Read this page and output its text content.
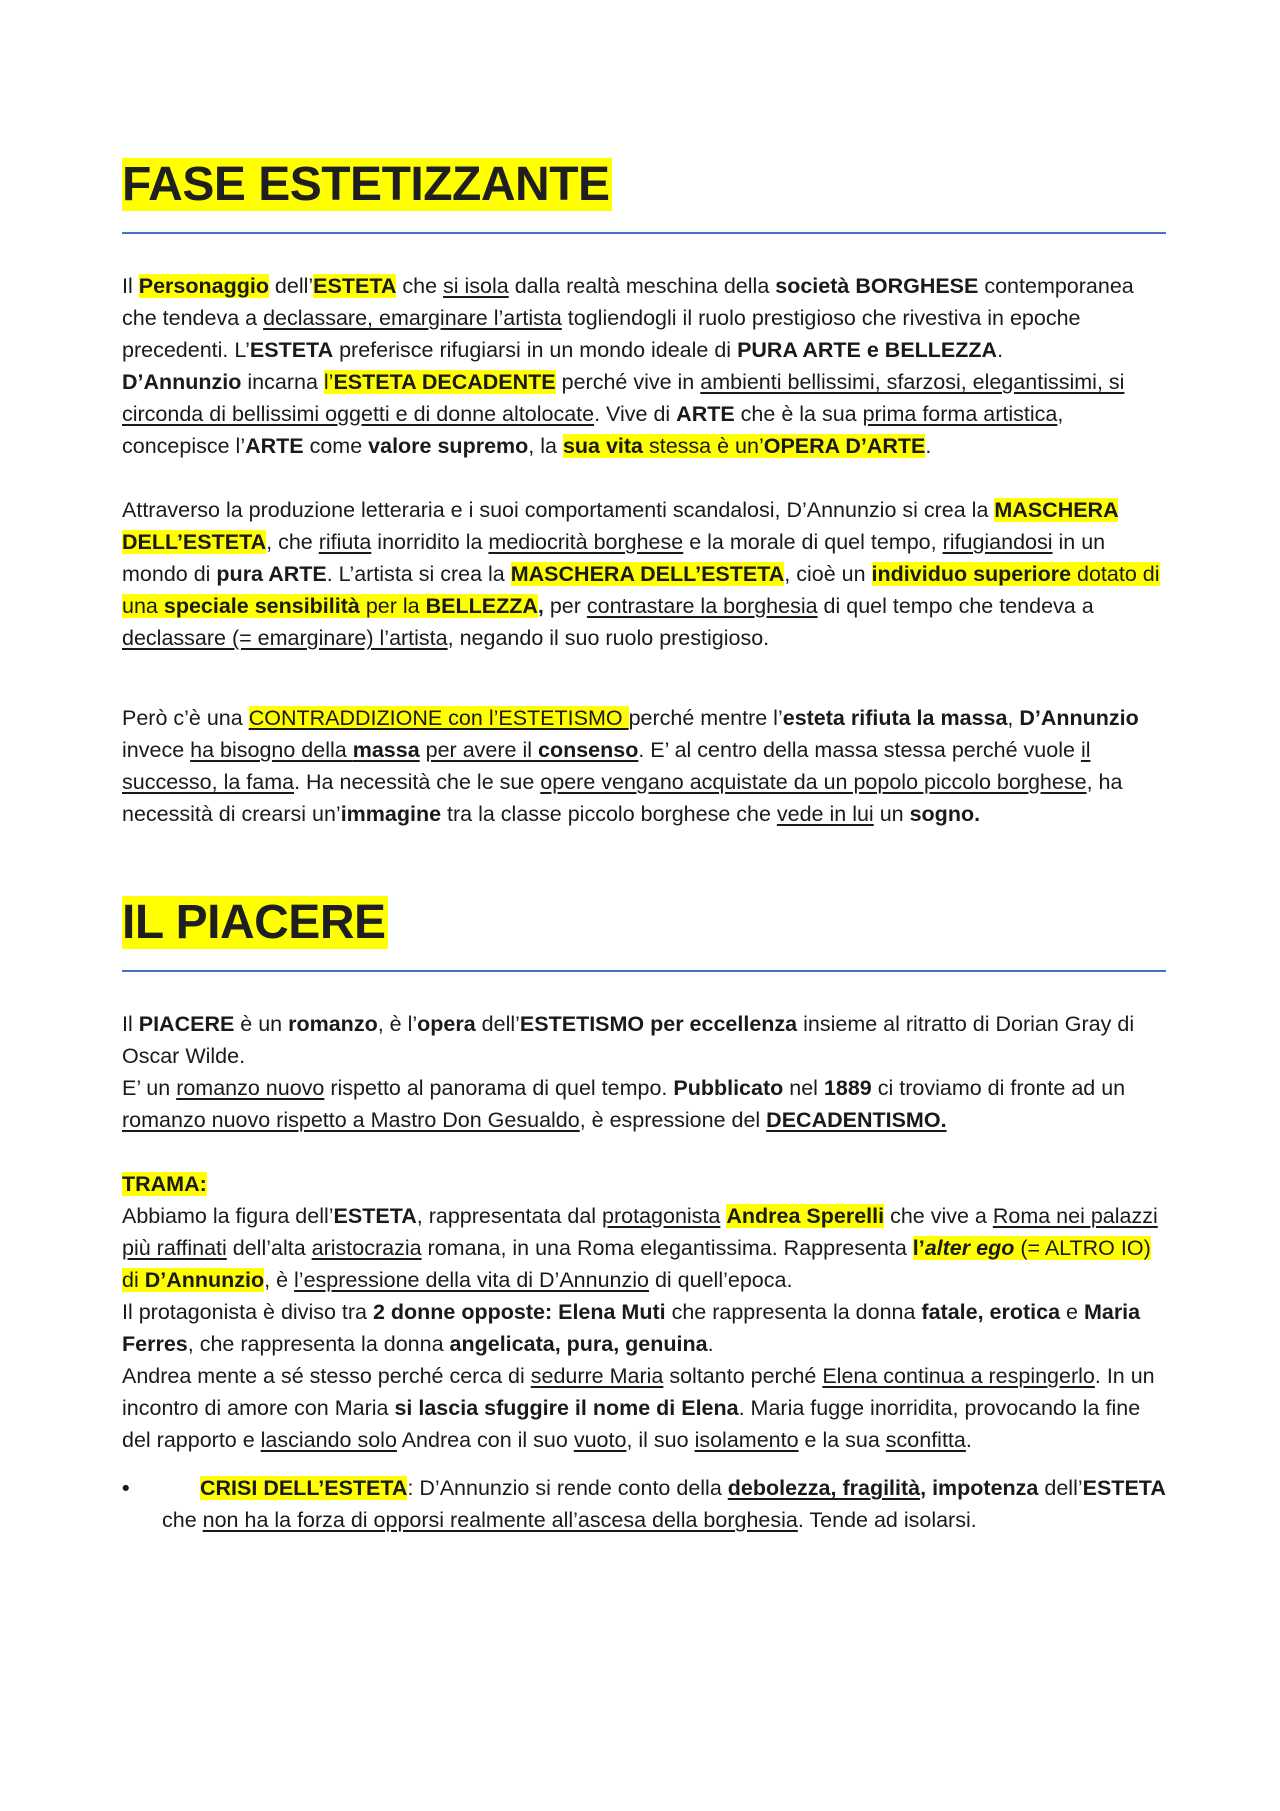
FASE ESTETIZZANTE

Il Personaggio dell’ESTETA che si isola dalla realtà meschina della società BORGHESE contemporanea che tendeva a declassare, emarginare l’artista togliendogli il ruolo prestigioso che rivestiva in epoche precedenti. L’ESTETA preferisce rifugiarsi in un mondo ideale di PURA ARTE e BELLEZZA.

D’Annunzio incarna l’ESTETA DECADENTE perché vive in ambienti bellissimi, sfarzosi, elegantissimi, si circonda di bellissimi oggetti e di donne altolocate. Vive di ARTE che è la sua prima forma artistica, concepisce l’ARTE come valore supremo, la sua vita stessa è un’OPERA D’ARTE.

Attraverso la produzione letteraria e i suoi comportamenti scandalosi, D’Annunzio si crea la MASCHERA DELL’ESTETA, che rifiuta inorridito la mediocrità borghese e la morale di quel tempo, rifugiandosi in un mondo di pura ARTE. L’artista si crea la MASCHERA DELL’ESTETA, cioè un individuo superiore dotato di una speciale sensibilità per la BELLEZZA, per contrastare la borghesia di quel tempo che tendeva a declassare (= emarginare) l’artista, negando il suo ruolo prestigioso.

Però c’è una CONTRADDIZIONE con l’ESTETISMO perché mentre l’esteta rifiuta la massa, D’Annunzio invece ha bisogno della massa per avere il consenso. E’ al centro della massa stessa perché vuole il successo, la fama. Ha necessità che le sue opere vengano acquistate da un popolo piccolo borghese, ha necessità di crearsi un’immagine tra la classe piccolo borghese che vede in lui un sogno.

IL PIACERE

Il PIACERE è un romanzo, è l’opera dell’ESTETISMO per eccellenza insieme al ritratto di Dorian Gray di Oscar Wilde.

E’ un romanzo nuovo rispetto al panorama di quel tempo. Pubblicato nel 1889 ci troviamo di fronte ad un romanzo nuovo rispetto a Mastro Don Gesualdo, è espressione del DECADENTISMO.

TRAMA:

Abbiamo la figura dell’ESTETA, rappresentata dal protagonista Andrea Sperelli che vive a Roma nei palazzi più raffinati dell’alta aristocrazia romana, in una Roma elegantissima. Rappresenta l’alter ego (= ALTRO IO) di D’Annunzio, è l’espressione della vita di D’Annunzio di quell’epoca.

Il protagonista è diviso tra 2 donne opposte: Elena Muti che rappresenta la donna fatale, erotica e Maria Ferres, che rappresenta la donna angelicata, pura, genuina.

Andrea mente a sé stesso perché cerca di sedurre Maria soltanto perché Elena continua a respingerlo. In un incontro di amore con Maria si lascia sfuggire il nome di Elena. Maria fugge inorridita, provocando la fine del rapporto e lasciando solo Andrea con il suo vuoto, il suo isolamento e la sua sconfitta.

•	CRISI DELL’ESTETA: D’Annunzio si rende conto della debolezza, fragilità, impotenza dell’ESTETA che non ha la forza di opporsi realmente all’ascesa della borghesia. Tende ad isolarsi.
